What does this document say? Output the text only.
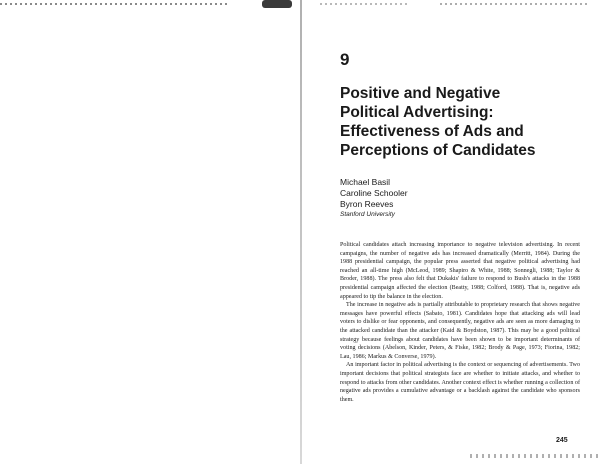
9
Positive and Negative
Political Advertising:
Effectiveness of Ads and
Perceptions of Candidates
Michael Basil
Caroline Schooler
Byron Reeves
Stanford University

Political candidates attach increasing importance to negative television advertising. In recent campaigns, the number of negative ads has increased dramatically (Merritt, 1984). During the 1988 presidential campaign, the popular press asserted that negative political advertising had reached an all-time high (McLeod, 1989; Shapiro & White, 1988; Sonnegli, 1988; Taylor & Broder, 1988). The press also felt that Dukakis' failure to respond to Bush's attacks in the 1988 presidential campaign affected the election (Beatty, 1988; Colford, 1988). That is, negative ads appeared to tip the balance in the election.

The increase in negative ads is partially attributable to proprietary research that shows negative messages have powerful effects (Sabato, 1981). Candidates hope that attacking ads will lead voters to dislike or fear opponents, and consequently, negative ads are seen as more damaging to the attacked candidate than the attacker (Kaid & Boydston, 1987). This may be a good political strategy because feelings about candidates have been shown to be important determinants of voting decisions (Abelson, Kinder, Peters, & Fiske, 1982; Brody & Page, 1973; Fiorina, 1982; Lau, 1986; Markus & Converse, 1979).

An important factor in political advertising is the context or sequencing of advertisements. Two important decisions that political strategists face are whether to initiate attacks, and whether to respond to attacks from other candidates. Another context effect is whether running a collection of negative ads provides a cumulative advantage or a backlash against the candidate who sponsors them.

245
